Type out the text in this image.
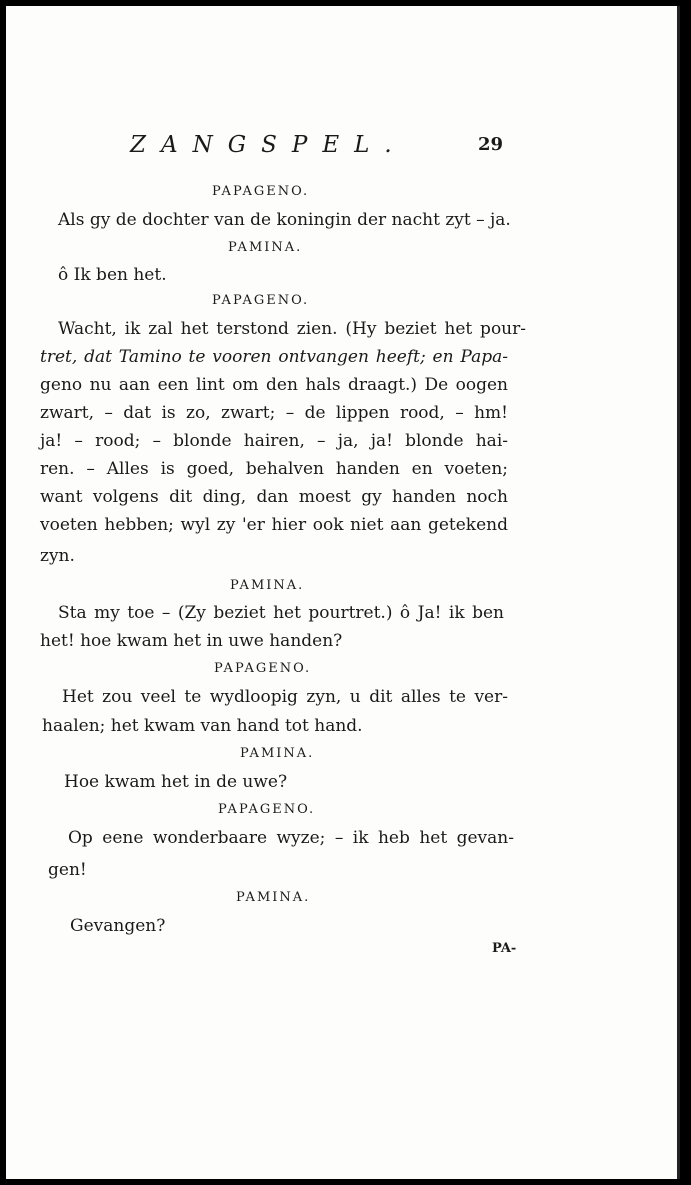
ZANGSPEL.	29
PAPAGENO.
Als gy de dochter van de koningin der nacht zyt – ja.
PAMINA.
ô Ik ben het.
PAPAGENO.
Wacht, ik zal het terstond zien. (Hy beziet het pour-
tret, dat Tamino te vooren ontvangen heeft; en Papa-
geno nu aan een lint om den hals draagt.) De oogen
zwart, – dat is zo, zwart; – de lippen rood, – hm!
ja! – rood; – blonde hairen, – ja, ja! blonde hai-
ren. – Alles is goed, behalven handen en voeten;
want volgens dit ding, dan moest gy handen noch
voeten hebben; wyl zy 'er hier ook niet aan getekend
zyn.
PAMINA.
Sta my toe – (Zy beziet het pourtret.) ô Ja! ik ben
het! hoe kwam het in uwe handen?
PAPAGENO.
Het zou veel te wydloopig zyn, u dit alles te ver-
haalen; het kwam van hand tot hand.
PAMINA.
Hoe kwam het in de uwe?
PAPAGENO.
Op eene wonderbaare wyze; – ik heb het gevan-
gen!
PAMINA.
Gevangen?
PA-
